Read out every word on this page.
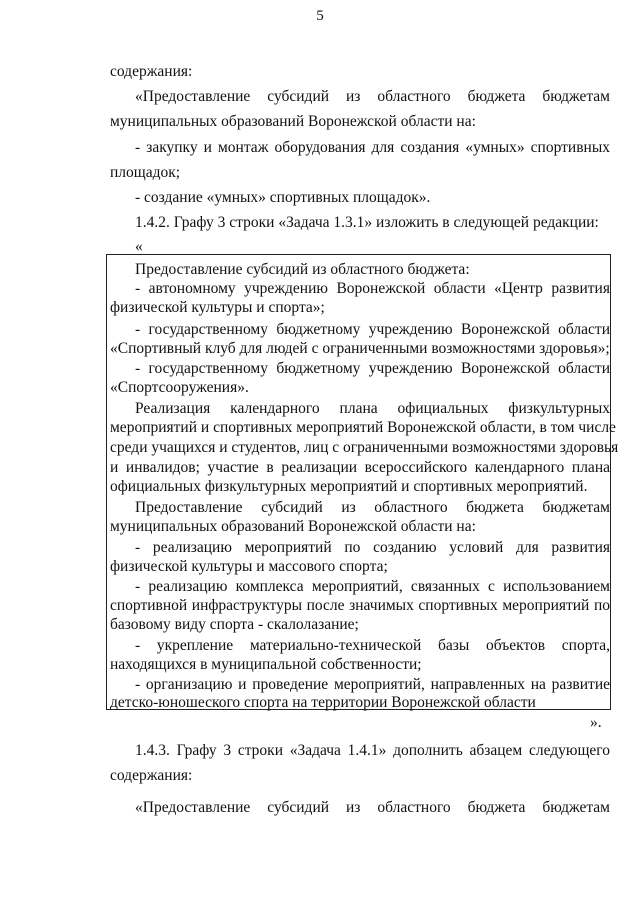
5
содержания:
«Предоставление субсидий из областного бюджета бюджетам
муниципальных образований Воронежской области на:
- закупку и монтаж оборудования для создания «умных» спортивных
площадок;
- создание «умных» спортивных площадок».
1.4.2. Графу 3 строки «Задача 1.3.1» изложить в следующей редакции:
«
Предоставление субсидий из областного бюджета:
- автономному учреждению Воронежской области «Центр развития
физической культуры и спорта»;
- государственному бюджетному учреждению Воронежской области
«Спортивный клуб для людей с ограниченными возможностями здоровья»;
- государственному бюджетному учреждению Воронежской области
«Спортсооружения».
Реализация календарного плана официальных физкультурных
мероприятий и спортивных мероприятий Воронежской области, в том числе
среди учащихся и студентов, лиц с ограниченными возможностями здоровья
и инвалидов; участие в реализации всероссийского календарного плана
официальных физкультурных мероприятий и спортивных мероприятий.
Предоставление субсидий из областного бюджета бюджетам
муниципальных образований Воронежской области на:
- реализацию мероприятий по созданию условий для развития
физической культуры и массового спорта;
- реализацию комплекса мероприятий, связанных с использованием
спортивной инфраструктуры после значимых спортивных мероприятий по
базовому виду спорта - скалолазание;
- укрепление материально-технической базы объектов спорта,
находящихся в муниципальной собственности;
- организацию и проведение мероприятий, направленных на развитие
детско-юношеского спорта на территории Воронежской области
».
1.4.3. Графу 3 строки «Задача 1.4.1» дополнить абзацем следующего
содержания:
«Предоставление субсидий из областного бюджета бюджетам
